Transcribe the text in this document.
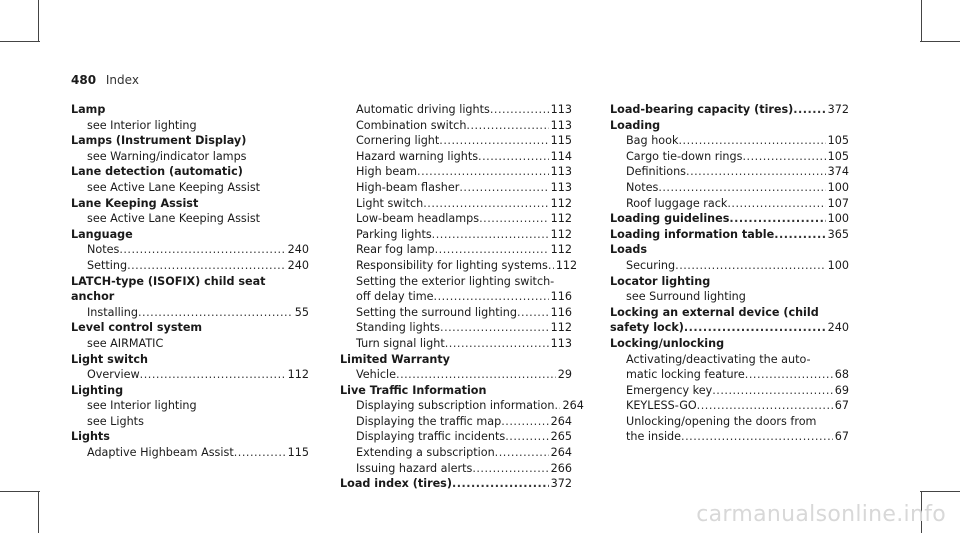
480 Index
Lamp
see Interior lighting
Lamps (Instrument Display)
see Warning/indicator lamps
Lane detection (automatic)
see Active Lane Keeping Assist
Lane Keeping Assist
see Active Lane Keeping Assist
Language
Notes .....	240
Setting .....	240
LATCH-type (ISOFIX) child seat
anchor
Installing .....	55
Level control system
see AIRMATIC
Light switch
Overview .....	112
Lighting
see Interior lighting
see Lights
Lights
Adaptive Highbeam Assist .....	115
Automatic driving lights .....	113
Combination switch .....	113
Cornering light .....	115
Hazard warning lights .....	114
High beam .....	113
High-beam flasher .....	113
Light switch .....	112
Low-beam headlamps .....	112
Parking lights .....	112
Rear fog lamp .....	112
Responsibility for lighting systems ..... 112
Setting the exterior lighting switch-
off delay time .....	116
Setting the surround lighting .....	116
Standing lights .....	112
Turn signal light .....	113
Limited Warranty
Vehicle .....	29
Live Traffic Information
Displaying subscription information ..... 264
Displaying the traffic map .....	264
Displaying traffic incidents .....	265
Extending a subscription .....	264
Issuing hazard alerts .....	266
Load index (tires) .....	372
Load-bearing capacity (tires) .....	372
Loading
Bag hook .....	105
Cargo tie-down rings .....	105
Definitions .....	374
Notes .....	100
Roof luggage rack .....	107
Loading guidelines .....	100
Loading information table .....	365
Loads
Securing .....	100
Locator lighting
see Surround lighting
Locking an external device (child
safety lock) .....	240
Locking/unlocking
Activating/deactivating the auto-
matic locking feature .....	68
Emergency key .....	69
KEYLESS-GO .....	67
Unlocking/opening the doors from
the inside .....	67
carmanualsonline.info
